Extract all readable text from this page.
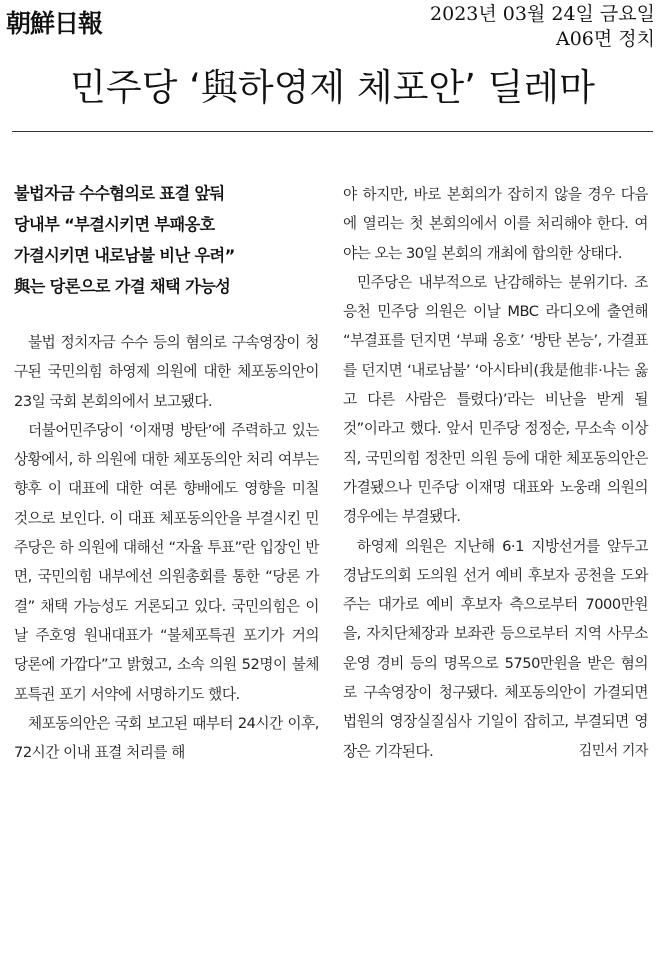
朝鮮日報	2023년 03월 24일 금요일
A06면 정치
민주당 ‘與하영제 체포안’ 딜레마
불법자금 수수혐의로 표결 앞둬
당내부 “부결시키면 부패옹호
가결시키면 내로남불 비난 우려”
與는 당론으로 가결 채택 가능성

불법 정치자금 수수 등의 혐의로 구속영장이 청구된 국민의힘 하영제 의원에 대한 체포동의안이 23일 국회 본회의에서 보고됐다.

더불어민주당이 ‘이재명 방탄’에 주력하고 있는 상황에서, 하 의원에 대한 체포동의안 처리 여부는 향후 이 대표에 대한 여론 향배에도 영향을 미칠 것으로 보인다. 이 대표 체포동의안을 부결시킨 민주당은 하 의원에 대해선 “자율 투표”란 입장인 반면, 국민의힘 내부에선 의원총회를 통한 “당론 가결” 채택 가능성도 거론되고 있다. 국민의힘은 이날 주호영 원내대표가 “불체포특권 포기가 거의 당론에 가깝다”고 밝혔고, 소속 의원 52명이 불체포특권 포기 서약에 서명하기도 했다.

체포동의안은 국회 보고된 때부터 24시간 이후, 72시간 이내 표결 처리를 해

야 하지만, 바로 본회의가 잡히지 않을 경우 다음에 열리는 첫 본회의에서 이를 처리해야 한다. 여야는 오는 30일 본회의 개최에 합의한 상태다.

민주당은 내부적으로 난감해하는 분위기다. 조응천 민주당 의원은 이날 MBC 라디오에 출연해 “부결표를 던지면 ‘부패 옹호’ ‘방탄 본능’, 가결표를 던지면 ‘내로남불’ ‘아시타비(我是他非·나는 옳고 다른 사람은 틀렸다)’라는 비난을 받게 될 것”이라고 했다. 앞서 민주당 정정순, 무소속 이상직, 국민의힘 정찬민 의원 등에 대한 체포동의안은 가결됐으나 민주당 이재명 대표와 노웅래 의원의 경우에는 부결됐다.

하영제 의원은 지난해 6·1 지방선거를 앞두고 경남도의회 도의원 선거 예비 후보자 공천을 도와주는 대가로 예비 후보자 측으로부터 7000만원을, 자치단체장과 보좌관 등으로부터 지역 사무소 운영 경비 등의 명목으로 5750만원을 받은 혐의로 구속영장이 청구됐다. 체포동의안이 가결되면 법원의 영장실질심사 기일이 잡히고, 부결되면 영장은 기각된다.	김민서 기자
